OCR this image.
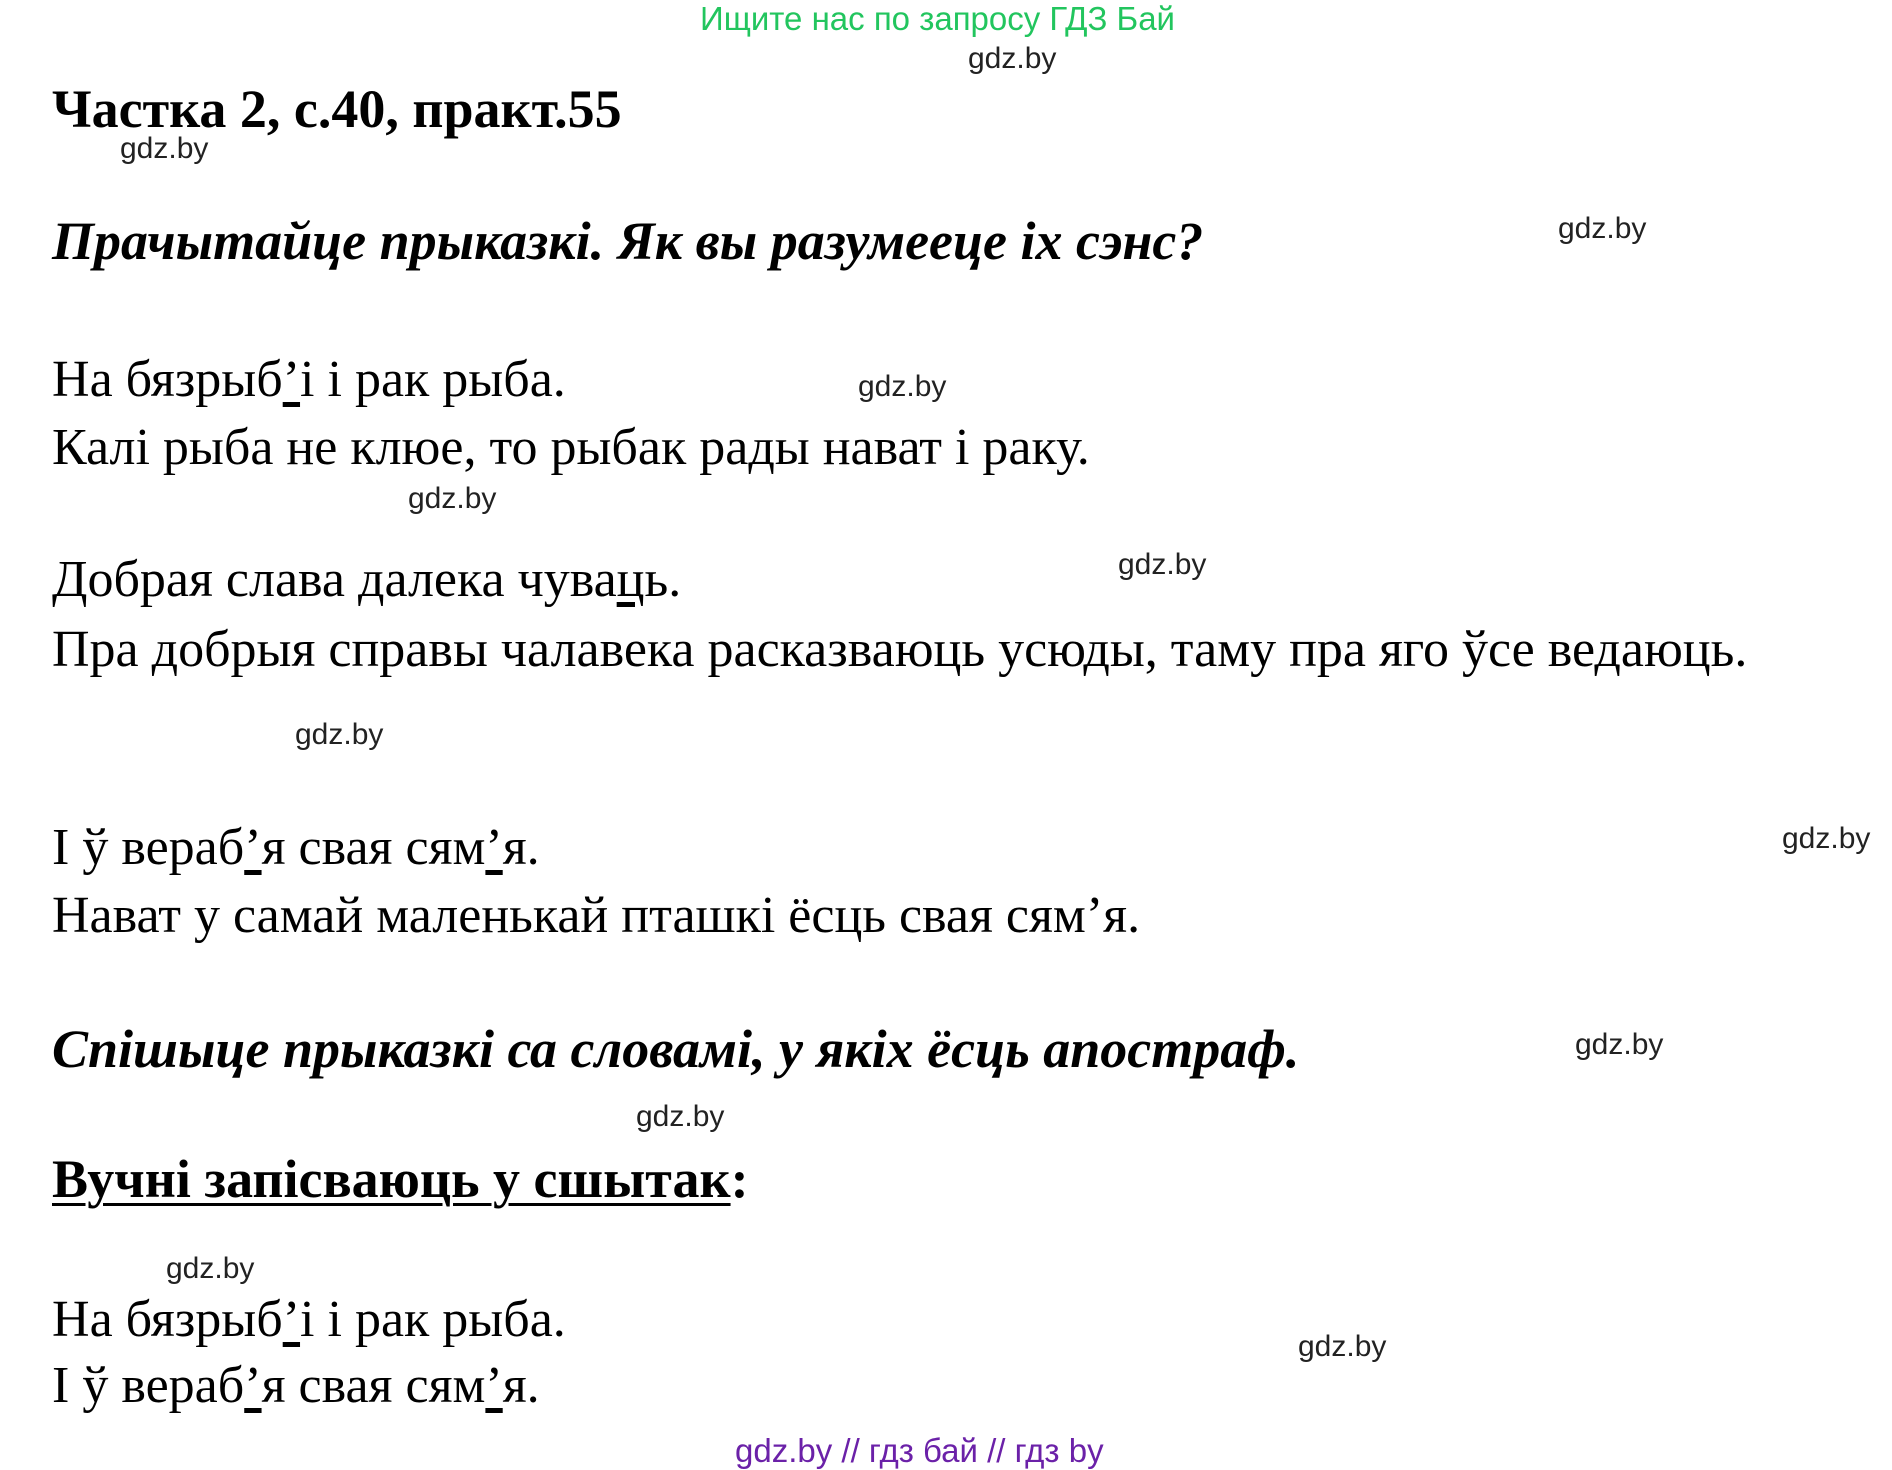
Ищите нас по запросу ГДЗ Бай
gdz.by
Частка 2, с.40, практ.55
gdz.by
Прачытайце прыказкі. Як вы разумееце іх сэнс?	gdz.by
На бязрыб’і і рак рыба.	gdz.by
Калі рыба не клюе, то рыбак рады нават і раку.
gdz.by
Добрая слава далека чуваць.	gdz.by
Пра добрыя справы чалавека расказваюць усюды, таму пра яго ўсе ведаюць.
gdz.by
gdz.by
І ў вераб’я свая сям’я.
Нават у самай маленькай пташкі ёсць свая сям’я.
Спішыце прыказкі са словамі, у якіх ёсць апостраф.	gdz.by
gdz.by
Вучні запісваюць у сшытак:
gdz.by
На бязрыб’і і рак рыба.	gdz.by
І ў вераб’я свая сям’я.
gdz.by // гдз бай // гдз by
